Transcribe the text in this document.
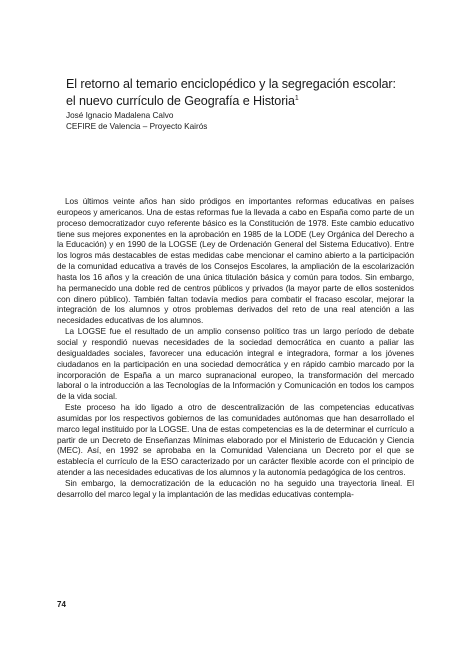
El retorno al temario enciclopédico y la segregación escolar:
el nuevo currículo de Geografía e Historia$^1$

José Ignacio Madalena Calvo

CEFIRE de Valencia – Proyecto Kairós

Los últimos veinte años han sido pródigos en importantes reformas educativas en países europeos y americanos. Una de estas reformas fue la llevada a cabo en España como parte de un proceso democratizador cuyo referente básico es la Constitución de 1978. Este cambio educativo tiene sus mejores exponentes en la aprobación en 1985 de la LODE (Ley Orgánica del Derecho a la Educación) y en 1990 de la LOGSE (Ley de Ordenación General del Sistema Educativo). Entre los logros más destacables de estas medidas cabe mencionar el camino abierto a la participación de la comunidad educativa a través de los Consejos Escolares, la ampliación de la escolarización hasta los 16 años y la creación de una única titulación básica y común para todos. Sin embargo, ha permanecido una doble red de centros públicos y privados (la mayor parte de ellos sostenidos con dinero público). También faltan todavía medios para combatir el fracaso escolar, mejorar la integración de los alumnos y otros problemas derivados del reto de una real atención a las necesidades educativas de los alumnos.

La LOGSE fue el resultado de un amplio consenso político tras un largo período de debate social y respondió nuevas necesidades de la sociedad democrática en cuanto a paliar las desigualdades sociales, favorecer una educación integral e integradora, formar a los jóvenes ciudadanos en la participación en una sociedad democrática y en rápido cambio marcado por la incorporación de España a un marco supranacional europeo, la transformación del mercado laboral o la introducción a las Tecnologías de la Información y Comunicación en todos los campos de la vida social.

Este proceso ha ido ligado a otro de descentralización de las competencias educativas asumidas por los respectivos gobiernos de las comunidades autónomas que han desarrollado el marco legal instituido por la LOGSE. Una de estas competencias es la de determinar el currículo a partir de un Decreto de Enseñanzas Mínimas elaborado por el Ministerio de Educación y Ciencia (MEC). Así, en 1992 se aprobaba en la Comunidad Valenciana un Decreto por el que se establecía el currículo de la ESO caracterizado por un carácter flexible acorde con el principio de atender a las necesidades educativas de los alumnos y la autonomía pedagógica de los centros.

Sin embargo, la democratización de la educación no ha seguido una trayectoria lineal. El desarrollo del marco legal y la implantación de las medidas educativas contempla-

74
